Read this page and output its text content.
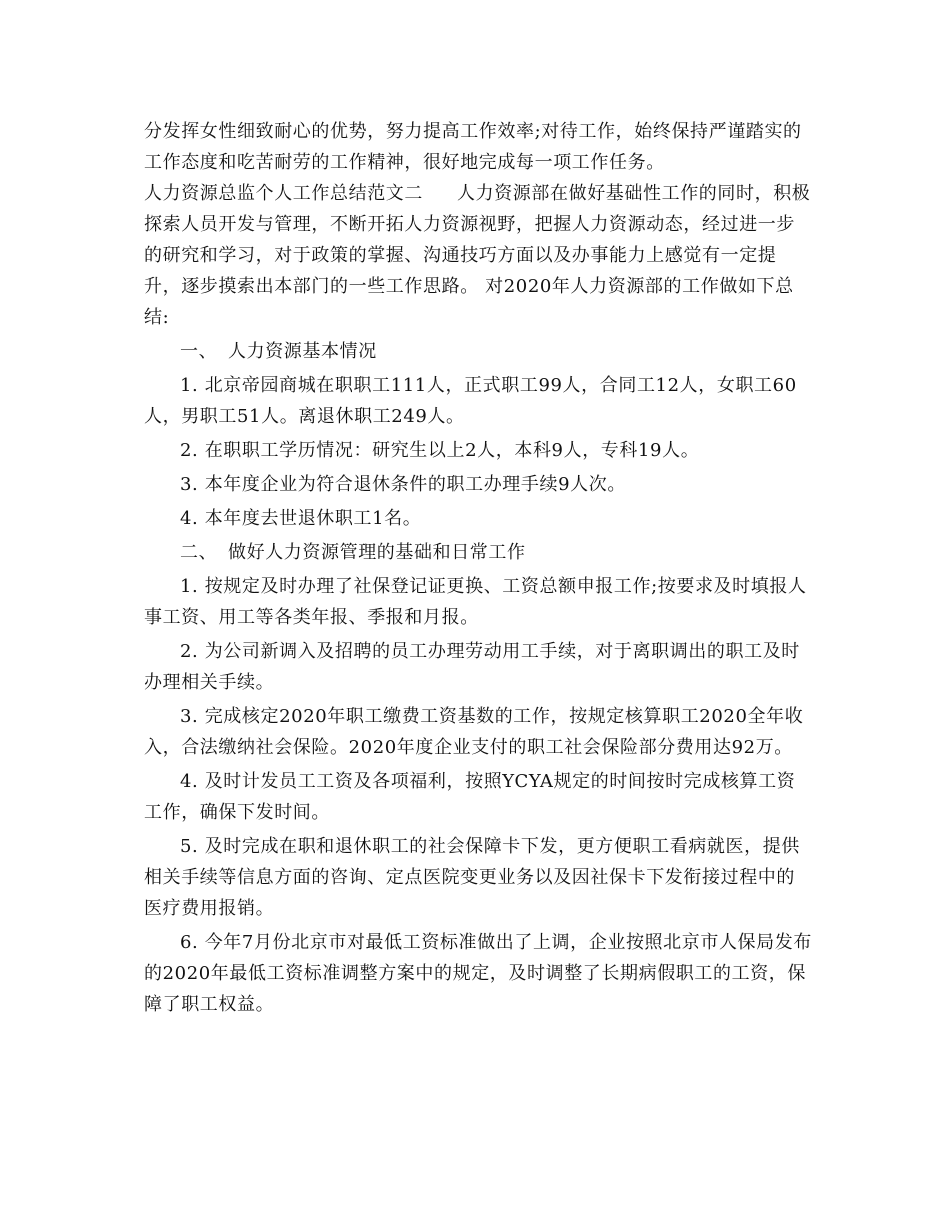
分发挥女性细致耐心的优势，努力提高工作效率;对待工作，始终保持严谨踏实的工作态度和吃苦耐劳的工作精神，很好地完成每一项工作任务。

人力资源总监个人工作总结范文二 人力资源部在做好基础性工作的同时，积极探索人员开发与管理，不断开拓人力资源视野，把握人力资源动态，经过进一步的研究和学习，对于政策的掌握、沟通技巧方面以及办事能力上感觉有一定提升，逐步摸索出本部门的一些工作思路。 对2020年人力资源部的工作做如下总结:

一、 人力资源基本情况

1. 北京帝园商城在职职工111人，正式职工99人，合同工12人，女职工60人，男职工51人。离退休职工249人。

2. 在职职工学历情况：研究生以上2人，本科9人，专科19人。

3. 本年度企业为符合退休条件的职工办理手续9人次。

4. 本年度去世退休职工1名。

二、 做好人力资源管理的基础和日常工作

1. 按规定及时办理了社保登记证更换、工资总额申报工作;按要求及时填报人事工资、用工等各类年报、季报和月报。

2. 为公司新调入及招聘的员工办理劳动用工手续，对于离职调出的职工及时办理相关手续。

3. 完成核定2020年职工缴费工资基数的工作，按规定核算职工2020全年收入，合法缴纳社会保险。2020年度企业支付的职工社会保险部分费用达92万。

4. 及时计发员工工资及各项福利，按照YCYA规定的时间按时完成核算工资工作，确保下发时间。

5. 及时完成在职和退休职工的社会保障卡下发，更方便职工看病就医，提供相关手续等信息方面的咨询、定点医院变更业务以及因社保卡下发衔接过程中的医疗费用报销。

6. 今年7月份北京市对最低工资标准做出了上调，企业按照北京市人保局发布的2020年最低工资标准调整方案中的规定，及时调整了长期病假职工的工资，保障了职工权益。
